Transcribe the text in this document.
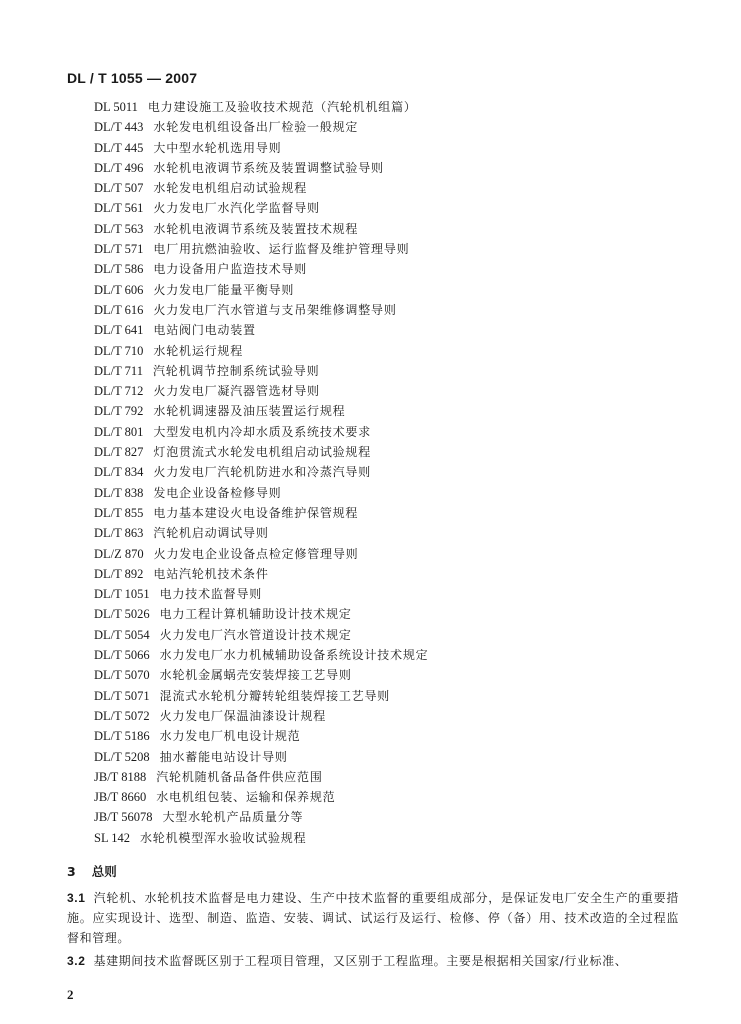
DL / T 1055 — 2007
DL 5011 电力建设施工及验收技术规范（汽轮机机组篇）
DL/T 443 水轮发电机组设备出厂检验一般规定
DL/T 445 大中型水轮机选用导则
DL/T 496 水轮机电液调节系统及装置调整试验导则
DL/T 507 水轮发电机组启动试验规程
DL/T 561 火力发电厂水汽化学监督导则
DL/T 563 水轮机电液调节系统及装置技术规程
DL/T 571 电厂用抗燃油验收、运行监督及维护管理导则
DL/T 586 电力设备用户监造技术导则
DL/T 606 火力发电厂能量平衡导则
DL/T 616 火力发电厂汽水管道与支吊架维修调整导则
DL/T 641 电站阀门电动装置
DL/T 710 水轮机运行规程
DL/T 711 汽轮机调节控制系统试验导则
DL/T 712 火力发电厂凝汽器管选材导则
DL/T 792 水轮机调速器及油压装置运行规程
DL/T 801 大型发电机内冷却水质及系统技术要求
DL/T 827 灯泡贯流式水轮发电机组启动试验规程
DL/T 834 火力发电厂汽轮机防进水和冷蒸汽导则
DL/T 838 发电企业设备检修导则
DL/T 855 电力基本建设火电设备维护保管规程
DL/T 863 汽轮机启动调试导则
DL/Z 870 火力发电企业设备点检定修管理导则
DL/T 892 电站汽轮机技术条件
DL/T 1051 电力技术监督导则
DL/T 5026 电力工程计算机辅助设计技术规定
DL/T 5054 火力发电厂汽水管道设计技术规定
DL/T 5066 水力发电厂水力机械辅助设备系统设计技术规定
DL/T 5070 水轮机金属蜗壳安装焊接工艺导则
DL/T 5071 混流式水轮机分瓣转轮组装焊接工艺导则
DL/T 5072 火力发电厂保温油漆设计规程
DL/T 5186 水力发电厂机电设计规范
DL/T 5208 抽水蓄能电站设计导则
JB/T 8188 汽轮机随机备品备件供应范围
JB/T 8660 水电机组包装、运输和保养规范
JB/T 56078 大型水轮机产品质量分等
SL 142 水轮机模型浑水验收试验规程
3 总则
3.1 汽轮机、水轮机技术监督是电力建设、生产中技术监督的重要组成部分，是保证发电厂安全生产的重要措施。应实现设计、选型、制造、监造、安装、调试、试运行及运行、检修、停（备）用、技术改造的全过程监督和管理。
3.2 基建期间技术监督既区别于工程项目管理，又区别于工程监理。主要是根据相关国家/行业标准、
2
